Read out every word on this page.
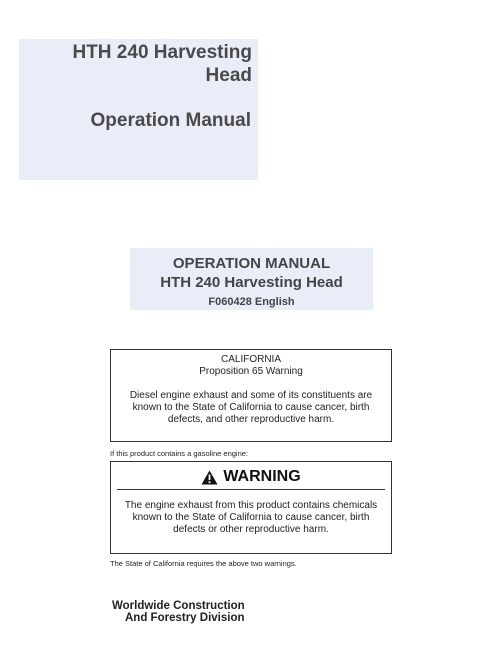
HTH 240 Harvesting
Head
Operation Manual
OPERATION MANUAL
HTH 240 Harvesting Head
F060428 English
CALIFORNIA
Proposition 65 Warning
Diesel engine exhaust and some of its constituents are known to the State of California to cause cancer, birth defects, and other reproductive harm.
If this product contains a gasoline engine:
WARNING
The engine exhaust from this product contains chemicals known to the State of California to cause cancer, birth defects or other reproductive harm.
The State of California requires the above two warnings.
Worldwide Construction
And Forestry Division
